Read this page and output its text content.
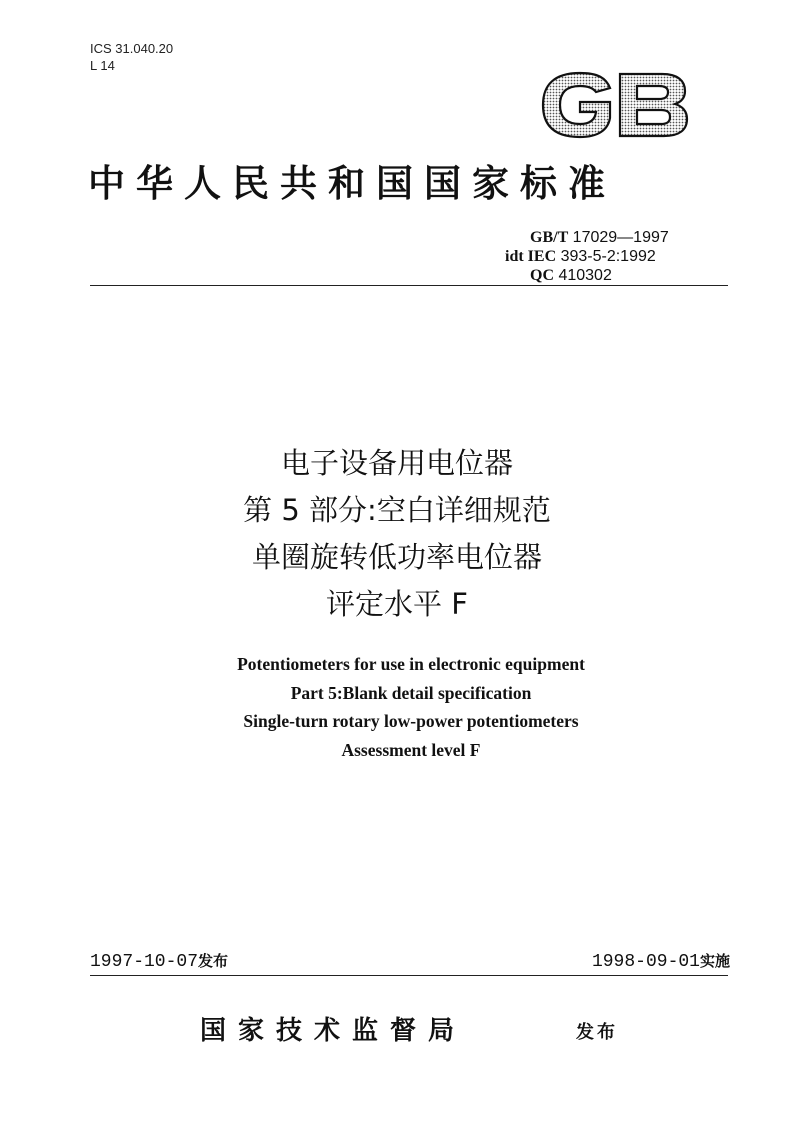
ICS 31.040.20
L 14
中华人民共和国国家标准
GB/T 17029—1997
idt IEC 393-5-2:1992
QC 410302
电子设备用电位器
第 5 部分:空白详细规范
单圈旋转低功率电位器
评定水平 F
Potentiometers for use in electronic equipment
Part 5:Blank detail specification
Single-turn rotary low-power potentiometers
Assessment level F
1997-10-07发布	1998-09-01实施
国家技术监督局	发布
